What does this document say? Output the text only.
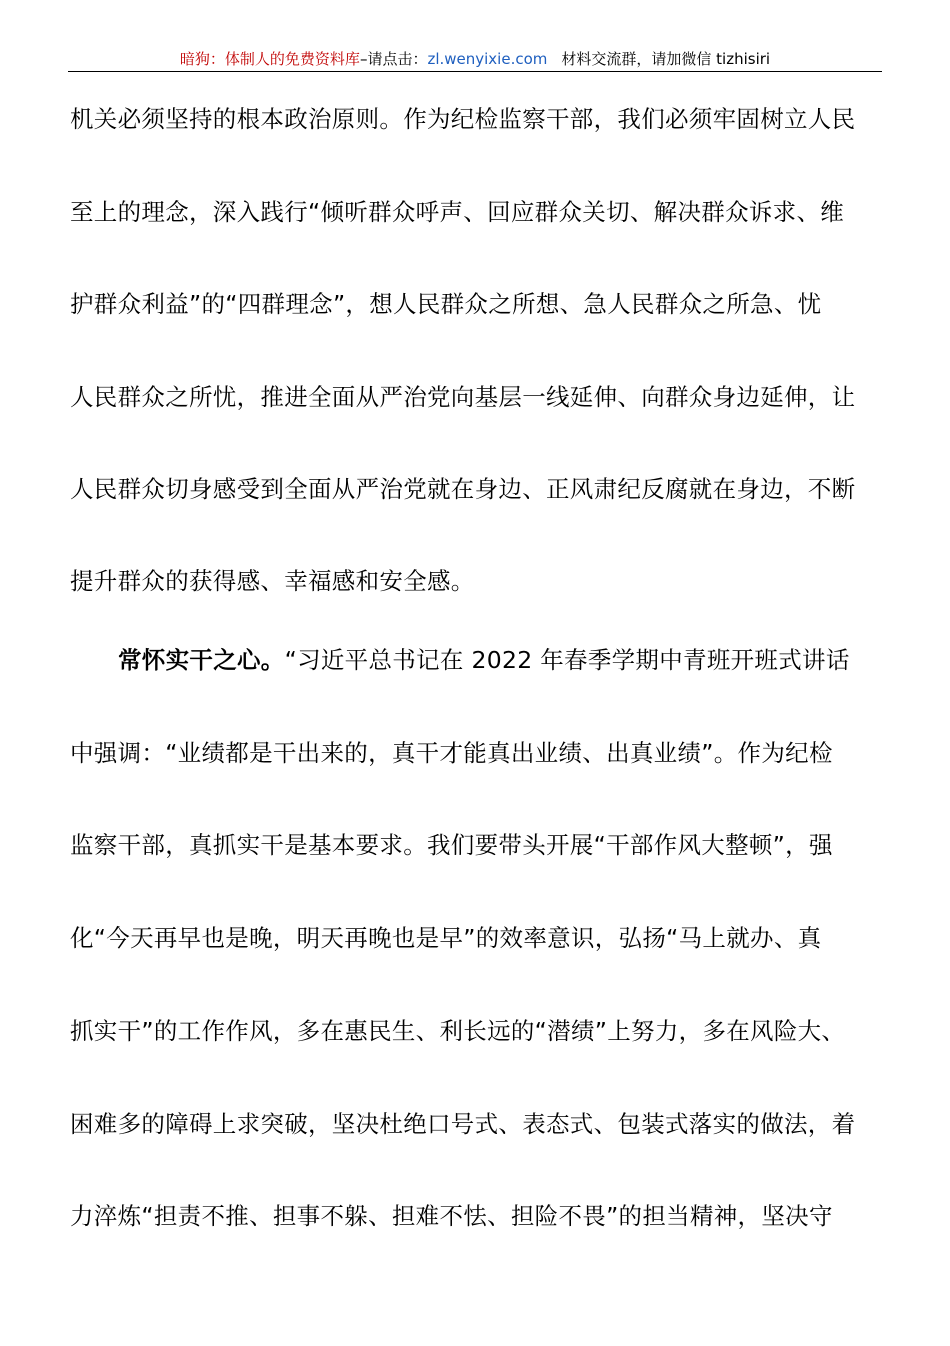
暗狗：体制人的免费资料库–请点击：zl.wenyixie.com 材料交流群，请加微信 tizhisiri
机关必须坚持的根本政治原则。作为纪检监察干部，我们必须牢固树立人民
至上的理念，深入践行“倾听群众呼声、回应群众关切、解决群众诉求、维
护群众利益”的“四群理念”，想人民群众之所想、急人民群众之所急、忧
人民群众之所忧，推进全面从严治党向基层一线延伸、向群众身边延伸，让
人民群众切身感受到全面从严治党就在身边、正风肃纪反腐就在身边，不断
提升群众的获得感、幸福感和安全感。
常怀实干之心。“习近平总书记在 2022 年春季学期中青班开班式讲话
中强调：“业绩都是干出来的，真干才能真出业绩、出真业绩”。作为纪检
监察干部，真抓实干是基本要求。我们要带头开展“干部作风大整顿”，强
化“今天再早也是晚，明天再晚也是早”的效率意识，弘扬“马上就办、真
抓实干”的工作作风，多在惠民生、利长远的“潜绩”上努力，多在风险大、
困难多的障碍上求突破，坚决杜绝口号式、表态式、包装式落实的做法，着
力淬炼“担责不推、担事不躲、担难不怯、担险不畏”的担当精神，坚决守
